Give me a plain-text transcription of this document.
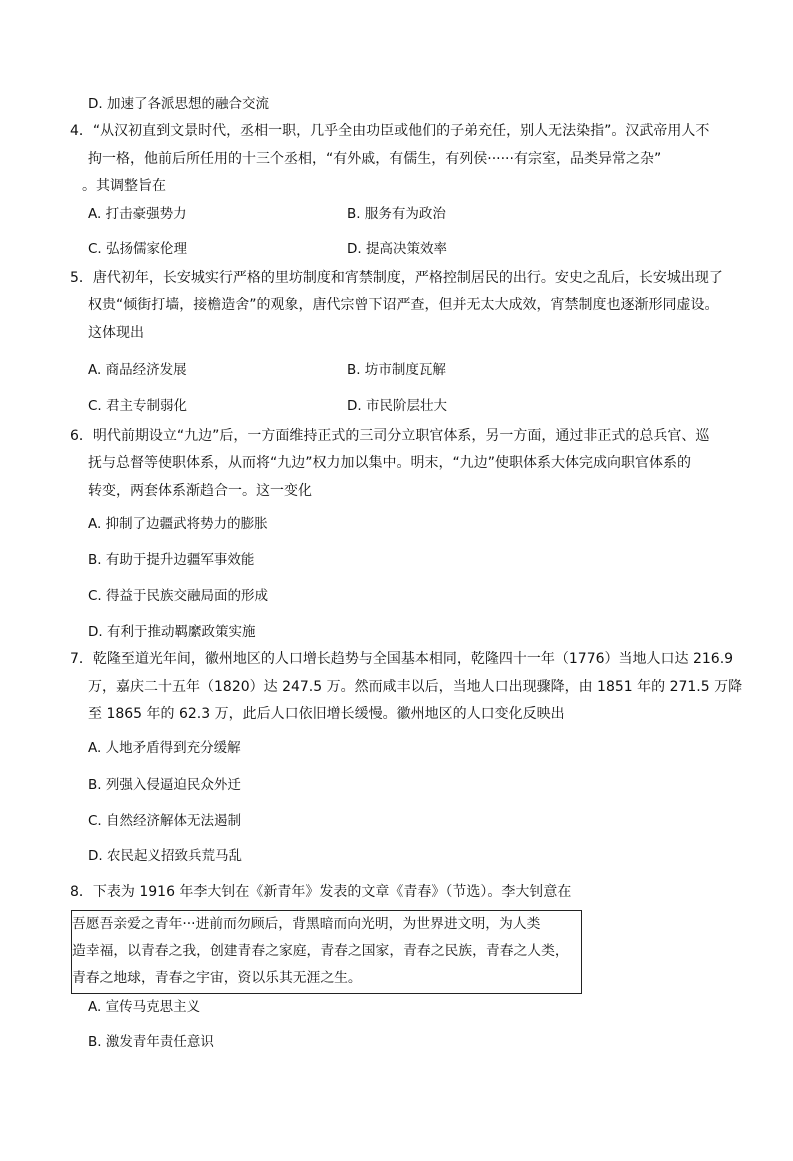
D. 加速了各派思想的融合交流
4．“从汉初直到文景时代，丞相一职，几乎全由功臣或他们的子弟充任，别人无法染指”。汉武帝用人不
拘一格，他前后所任用的十三个丞相，“有外戚，有儒生，有列侯······有宗室，品类异常之杂”
。其调整旨在
A. 打击豪强势力	B. 服务有为政治
C. 弘扬儒家伦理	D. 提高决策效率
5．唐代初年，长安城实行严格的里坊制度和宵禁制度，严格控制居民的出行。安史之乱后，长安城出现了
权贵“倾街打墙，接檐造舍”的观象，唐代宗曾下诏严查，但并无太大成效，宵禁制度也逐渐形同虚设。
这体现出
A. 商品经济发展	B. 坊市制度瓦解
C. 君主专制弱化	D. 市民阶层壮大
6．明代前期设立“九边”后，一方面维持正式的三司分立职官体系，另一方面，通过非正式的总兵官、巡
抚与总督等使职体系，从而将“九边”权力加以集中。明末，“九边”使职体系大体完成向职官体系的
转变，两套体系渐趋合一。这一变化
A. 抑制了边疆武将势力的膨胀
B. 有助于提升边疆军事效能
C. 得益于民族交融局面的形成
D. 有利于推动羁縻政策实施
7．乾隆至道光年间，徽州地区的人口增长趋势与全国基本相同，乾隆四十一年（1776）当地人口达 216.9
万，嘉庆二十五年（1820）达 247.5 万。然而咸丰以后，当地人口出现骤降，由 1851 年的 271.5 万降
至 1865 年的 62.3 万，此后人口依旧增长缓慢。徽州地区的人口变化反映出
A. 人地矛盾得到充分缓解
B. 列强入侵逼迫民众外迁
C. 自然经济解体无法遏制
D. 农民起义招致兵荒马乱
8．下表为 1916 年李大钊在《新青年》发表的文章《青春》（节选）。李大钊意在
吾愿吾亲爱之青年···进前而勿顾后，背黑暗而向光明，为世界进文明，为人类
造幸福，以青春之我，创建青春之家庭，青春之国家，青春之民族，青春之人类，
青春之地球，青春之宇宙，资以乐其无涯之生。
A. 宣传马克思主义
B. 激发青年责任意识
